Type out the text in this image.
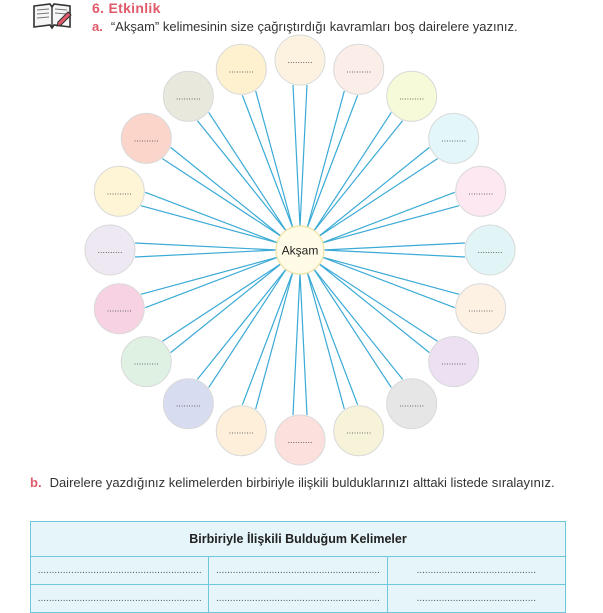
6. Etkinlik
a. “Akşam” kelimesinin size çağrıştırdığı kavramları boş dairelere yazınız.
..........
..........
..........
..........
..........
..........
..........
..........
..........
..........
..........
..........
..........
..........
..........
..........
..........
..........
..........
..........
Akşam
b. Dairelere yazdığınız kelimelerden birbiriyle ilişkili bulduklarınızı alttaki listede sıralayınız.
Birbiriyle İlişkili Bulduğum Kelimeler
...........................................................	...........................................................	...........................................
...........................................................	...........................................................	...........................................
